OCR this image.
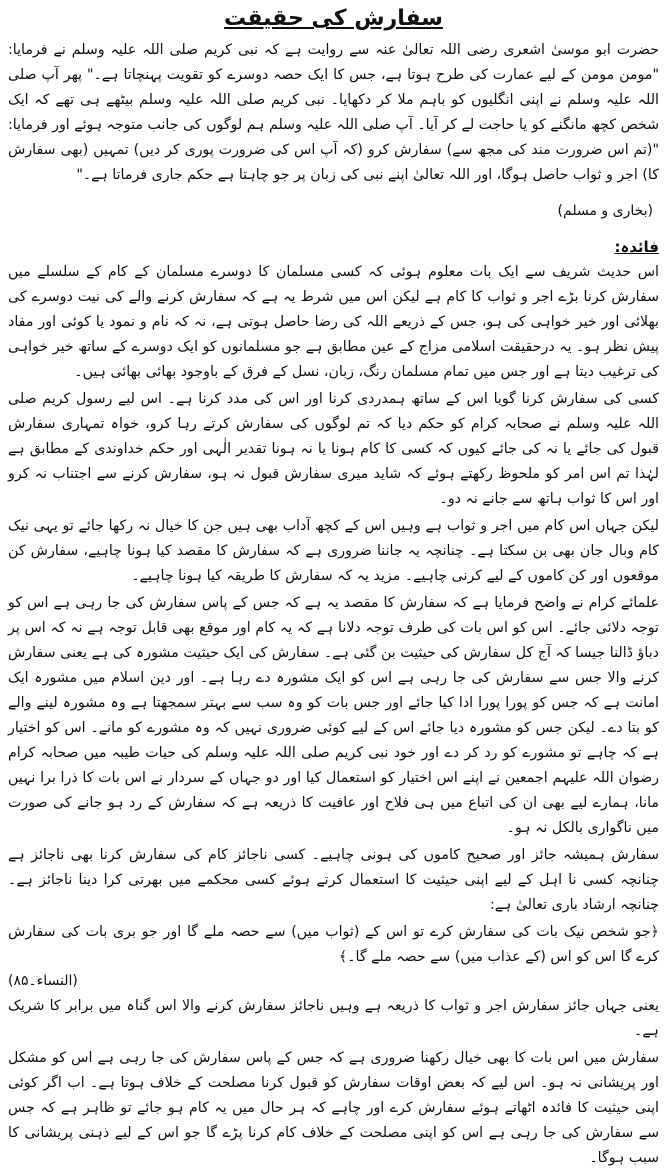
سفارش کی حقیقت

حضرت ابو موسیٰ اشعری رضی اللہ تعالیٰ عنہ سے روایت ہے کہ نبی کریم صلی اللہ علیہ وسلم نے فرمایا: "مومن مومن کے لیے عمارت کی طرح ہوتا ہے، جس کا ایک حصہ دوسرے کو تقویت پہنچاتا ہے۔" پھر آپ صلی اللہ علیہ وسلم نے اپنی انگلیوں کو باہم ملا کر دکھایا۔ نبی کریم صلی اللہ علیہ وسلم بیٹھے ہی تھے کہ ایک شخص کچھ مانگنے کو یا حاجت لے کر آیا۔ آپ صلی اللہ علیہ وسلم ہم لوگوں کی جانب متوجہ ہوئے اور فرمایا: "(تم اس ضرورت مند کی مجھ سے) سفارش کرو (کہ آپ اس کی ضرورت پوری کر دیں) تمہیں (بھی سفارش کا) اجر و ثواب حاصل ہوگا، اور اللہ تعالیٰ اپنے نبی کی زبان پر جو چاہتا ہے حکم جاری فرماتا ہے۔"

(بخاری و مسلم)
فائدہ:

اس حدیث شریف سے ایک بات معلوم ہوئی کہ کسی مسلمان کا دوسرے مسلمان کے کام کے سلسلے میں سفارش کرنا بڑے اجر و ثواب کا کام ہے لیکن اس میں شرط یہ ہے کہ سفارش کرنے والے کی نیت دوسرے کی بھلائی اور خیر خواہی کی ہو، جس کے ذریعے اللہ کی رضا حاصل ہوتی ہے، نہ کہ نام و نمود یا کوئی اور مفاد پیش نظر ہو۔ یہ درحقیقت اسلامی مزاج کے عین مطابق ہے جو مسلمانوں کو ایک دوسرے کے ساتھ خیر خواہی کی ترغیب دیتا ہے اور جس میں تمام مسلمان رنگ، زبان، نسل کے فرق کے باوجود بھائی بھائی ہیں۔

کسی کی سفارش کرنا گویا اس کے ساتھ ہمدردی کرنا اور اس کی مدد کرنا ہے۔ اس لیے رسول کریم صلی اللہ علیہ وسلم نے صحابہ کرام کو حکم دیا کہ تم لوگوں کی سفارش کرتے رہا کرو، خواہ تمہاری سفارش قبول کی جائے یا نہ کی جائے کیوں کہ کسی کا کام ہونا یا نہ ہونا تقدیر الٰہی اور حکم خداوندی کے مطابق ہے لہٰذا تم اس امر کو ملحوظ رکھتے ہوئے کہ شاید میری سفارش قبول نہ ہو، سفارش کرنے سے اجتناب نہ کرو اور اس کا ثواب ہاتھ سے جانے نہ دو۔

لیکن جہاں اس کام میں اجر و ثواب ہے وہیں اس کے کچھ آداب بھی ہیں جن کا خیال نہ رکھا جائے تو یہی نیک کام وبال جان بھی بن سکتا ہے۔ چنانچہ یہ جاننا ضروری ہے کہ سفارش کا مقصد کیا ہونا چاہیے، سفارش کن موقعوں اور کن کاموں کے لیے کرنی چاہیے۔ مزید یہ کہ سفارش کا طریقہ کیا ہونا چاہیے۔

علمائے کرام نے واضح فرمایا ہے کہ سفارش کا مقصد یہ ہے کہ جس کے پاس سفارش کی جا رہی ہے اس کو توجہ دلائی جائے۔ اس کو اس بات کی طرف توجہ دلانا ہے کہ یہ کام اور موقع بھی قابل توجہ ہے نہ کہ اس پر دباؤ ڈالنا جیسا کہ آج کل سفارش کی حیثیت بن گئی ہے۔ سفارش کی ایک حیثیت مشورہ کی ہے یعنی سفارش کرنے والا جس سے سفارش کی جا رہی ہے اس کو ایک مشورہ دے رہا ہے۔ اور دین اسلام میں مشورہ ایک امانت ہے کہ جس کو پورا پورا ادا کیا جائے اور جس بات کو وہ سب سے بہتر سمجھتا ہے وہ مشورہ لینے والے کو بتا دے۔ لیکن جس کو مشورہ دیا جائے اس کے لیے کوئی ضروری نہیں کہ وہ مشورے کو مانے۔ اس کو اختیار ہے کہ چاہے تو مشورے کو رد کر دے اور خود نبی کریم صلی اللہ علیہ وسلم کی حیات طیبہ میں صحابہ کرام رضوان اللہ علیہم اجمعین نے اپنے اس اختیار کو استعمال کیا اور دو جہاں کے سردار نے اس بات کا ذرا برا نہیں مانا، ہمارے لیے بھی ان کی اتباع میں ہی فلاح اور عافیت کا ذریعہ ہے کہ سفارش کے رد ہو جانے کی صورت میں ناگواری بالکل نہ ہو۔

سفارش ہمیشہ جائز اور صحیح کاموں کی ہونی چاہیے۔ کسی ناجائز کام کی سفارش کرنا بھی ناجائز ہے چنانچہ کسی نا اہل کے لیے اپنی حیثیت کا استعمال کرتے ہوئے کسی محکمے میں بھرتی کرا دینا ناجائز ہے۔ چنانچہ ارشاد باری تعالیٰ ہے:

﴿جو شخص نیک بات کی سفارش کرے تو اس کے (ثواب میں) سے حصہ ملے گا اور جو بری بات کی سفارش کرے گا اس کو اس (کے عذاب میں) سے حصہ ملے گا۔﴾

(النساء۔۸۵)

یعنی جہاں جائز سفارش اجر و ثواب کا ذریعہ ہے وہیں ناجائز سفارش کرنے والا اس گناہ میں برابر کا شریک ہے۔

سفارش میں اس بات کا بھی خیال رکھنا ضروری ہے کہ جس کے پاس سفارش کی جا رہی ہے اس کو مشکل اور پریشانی نہ ہو۔ اس لیے کہ بعض اوقات سفارش کو قبول کرنا مصلحت کے خلاف ہوتا ہے۔ اب اگر کوئی اپنی حیثیت کا فائدہ اٹھاتے ہوئے سفارش کرے اور چاہے کہ ہر حال میں یہ کام ہو جائے تو ظاہر ہے کہ جس سے سفارش کی جا رہی ہے اس کو اپنی مصلحت کے خلاف کام کرنا پڑے گا جو اس کے لیے ذہنی پریشانی کا سبب ہوگا۔
